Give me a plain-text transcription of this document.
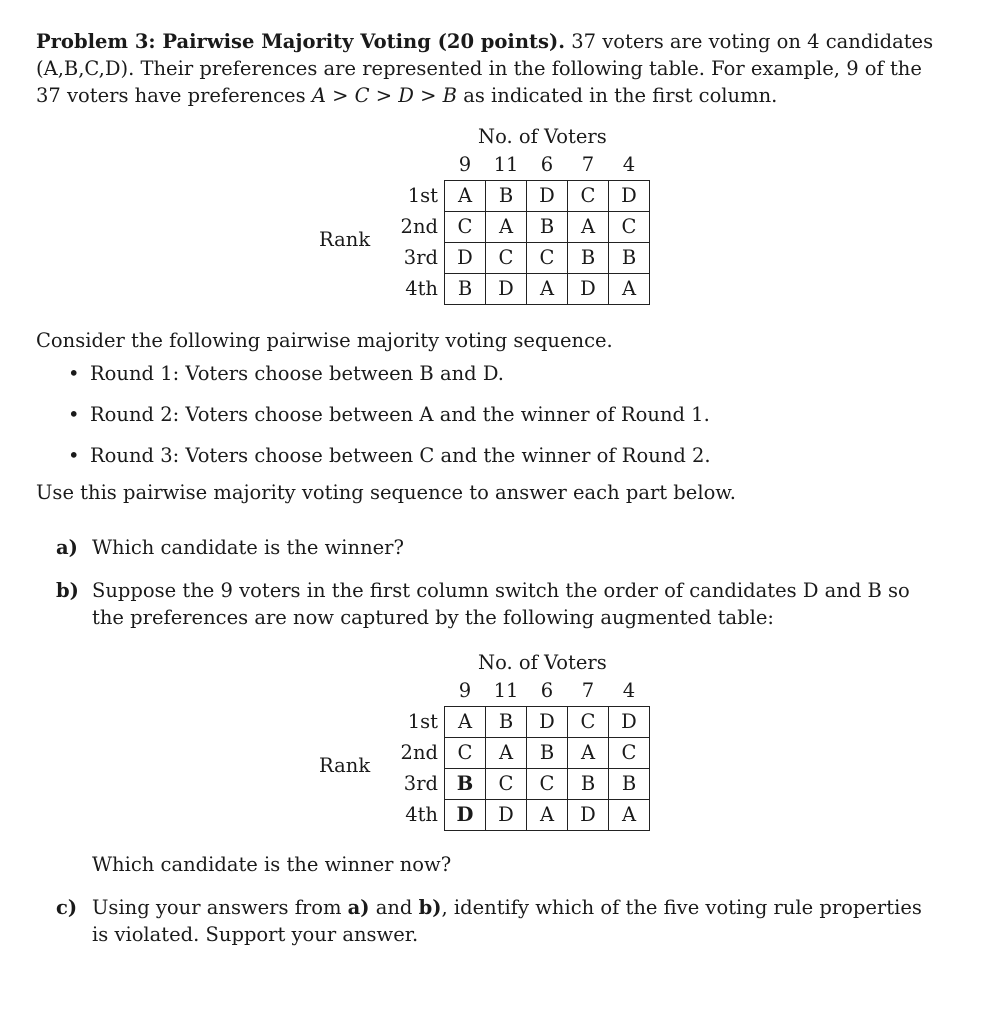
Problem 3: Pairwise Majority Voting (20 points). 37 voters are voting on 4 candidates (A,B,C,D). Their preferences are represented in the following table. For example, 9 of the 37 voters have preferences A > C > D > B as indicated in the first column.

No. of Voters
Rank
	9	11	6	7	4
1st	A	B	D	C	D
2nd	C	A	B	A	C
3rd	D	C	C	B	B
4th	B	D	A	D	A

Consider the following pairwise majority voting sequence.

• Round 1: Voters choose between B and D.
• Round 2: Voters choose between A and the winner of Round 1.
• Round 3: Voters choose between C and the winner of Round 2.

Use this pairwise majority voting sequence to answer each part below.

a) Which candidate is the winner?
b) Suppose the 9 voters in the first column switch the order of candidates D and B so the preferences are now captured by the following augmented table:
No. of Voters
Rank
	9	11	6	7	4
1st	A	B	D	C	D
2nd	C	A	B	A	C
3rd	B	C	C	B	B
4th	D	D	A	D	A

Which candidate is the winner now?

c) Using your answers from a) and b), identify which of the five voting rule properties is violated. Support your answer.
